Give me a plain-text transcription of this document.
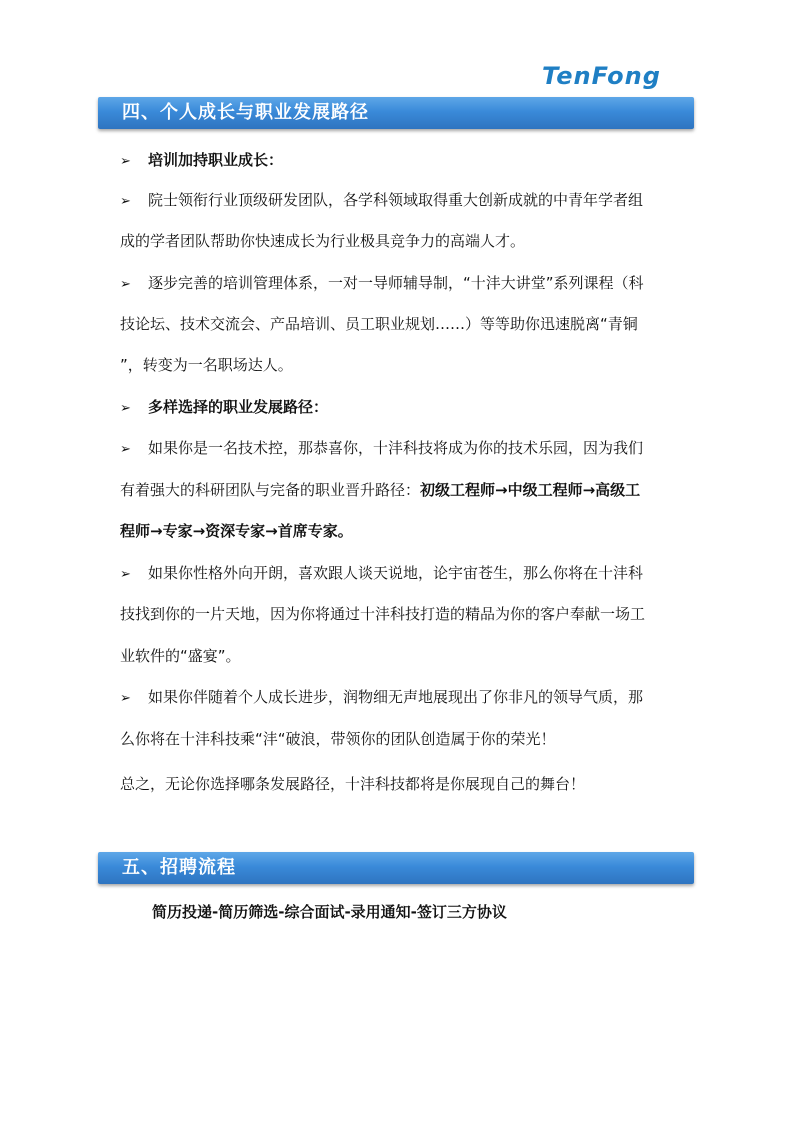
TenFong
四、个人成长与职业发展路径
➢ 培训加持职业成长：
➢ 院士领衔行业顶级研发团队，各学科领域取得重大创新成就的中青年学者组
成的学者团队帮助你快速成长为行业极具竞争力的高端人才。
➢ 逐步完善的培训管理体系，一对一导师辅导制，“十沣大讲堂”系列课程（科
技论坛、技术交流会、产品培训、员工职业规划……）等等助你迅速脱离“青铜
”，转变为一名职场达人。
➢ 多样选择的职业发展路径：
➢ 如果你是一名技术控，那恭喜你，十沣科技将成为你的技术乐园，因为我们
有着强大的科研团队与完备的职业晋升路径：初级工程师→中级工程师→高级工
程师→专家→资深专家→首席专家。
➢ 如果你性格外向开朗，喜欢跟人谈天说地，论宇宙苍生，那么你将在十沣科
技找到你的一片天地，因为你将通过十沣科技打造的精品为你的客户奉献一场工
业软件的“盛宴”。
➢ 如果你伴随着个人成长进步，润物细无声地展现出了你非凡的领导气质，那
么你将在十沣科技乘“沣“破浪，带领你的团队创造属于你的荣光！
总之，无论你选择哪条发展路径，十沣科技都将是你展现自己的舞台！
五、招聘流程
简历投递-简历筛选-综合面试-录用通知-签订三方协议
